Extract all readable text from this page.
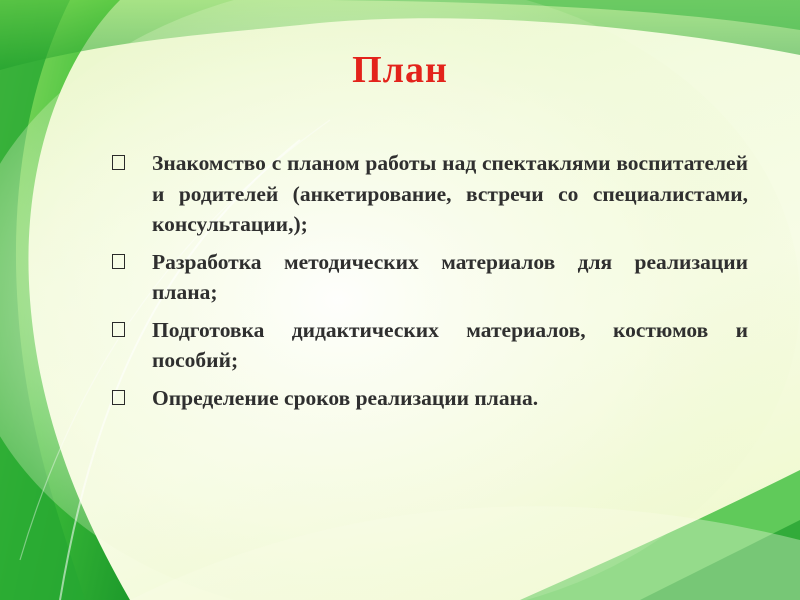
План
Знакомство с планом работы над спектаклями воспитателей и родителей (анкетирование, встречи со специалистами, консультации,);
Разработка методических материалов для реализации плана;
Подготовка дидактических материалов, костюмов и пособий;
Определение сроков реализации плана.
